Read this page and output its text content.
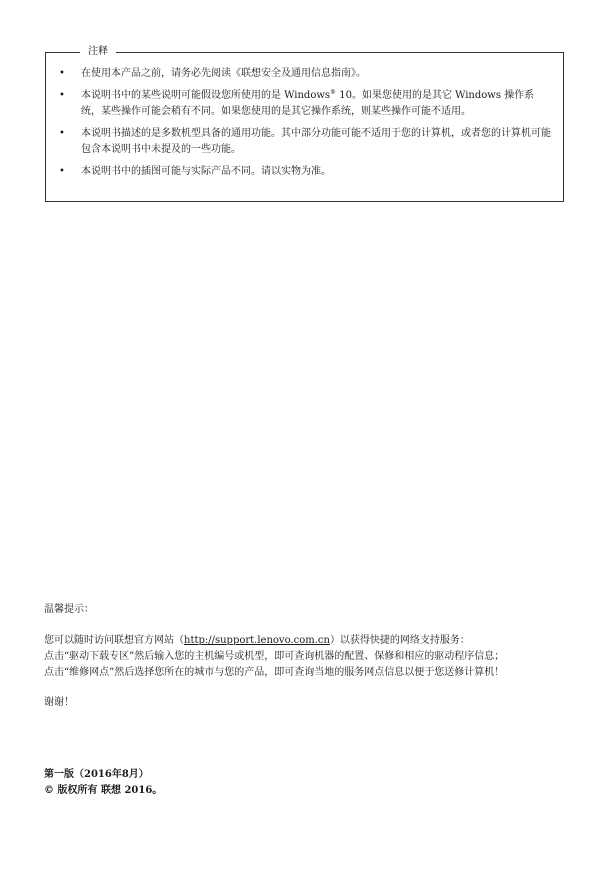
注释
• 在使用本产品之前，请务必先阅读《联想安全及通用信息指南》。
• 本说明书中的某些说明可能假设您所使用的是 Windows® 10。如果您使用的是其它 Windows 操作系统，某些操作可能会稍有不同。如果您使用的是其它操作系统，则某些操作可能不适用。
• 本说明书描述的是多数机型具备的通用功能。其中部分功能可能不适用于您的计算机，或者您的计算机可能包含本说明书中未提及的一些功能。
• 本说明书中的插图可能与实际产品不同。请以实物为准。

温馨提示：

您可以随时访问联想官方网站（http://support.lenovo.com.cn）以获得快捷的网络支持服务：

点击“驱动下载专区”然后输入您的主机编号或机型，即可查询机器的配置、保修和相应的驱动程序信息；

点击“维修网点”然后选择您所在的城市与您的产品，即可查询当地的服务网点信息以便于您送修计算机！

谢谢！

第一版（2016年8月）

© 版权所有 联想 2016。
